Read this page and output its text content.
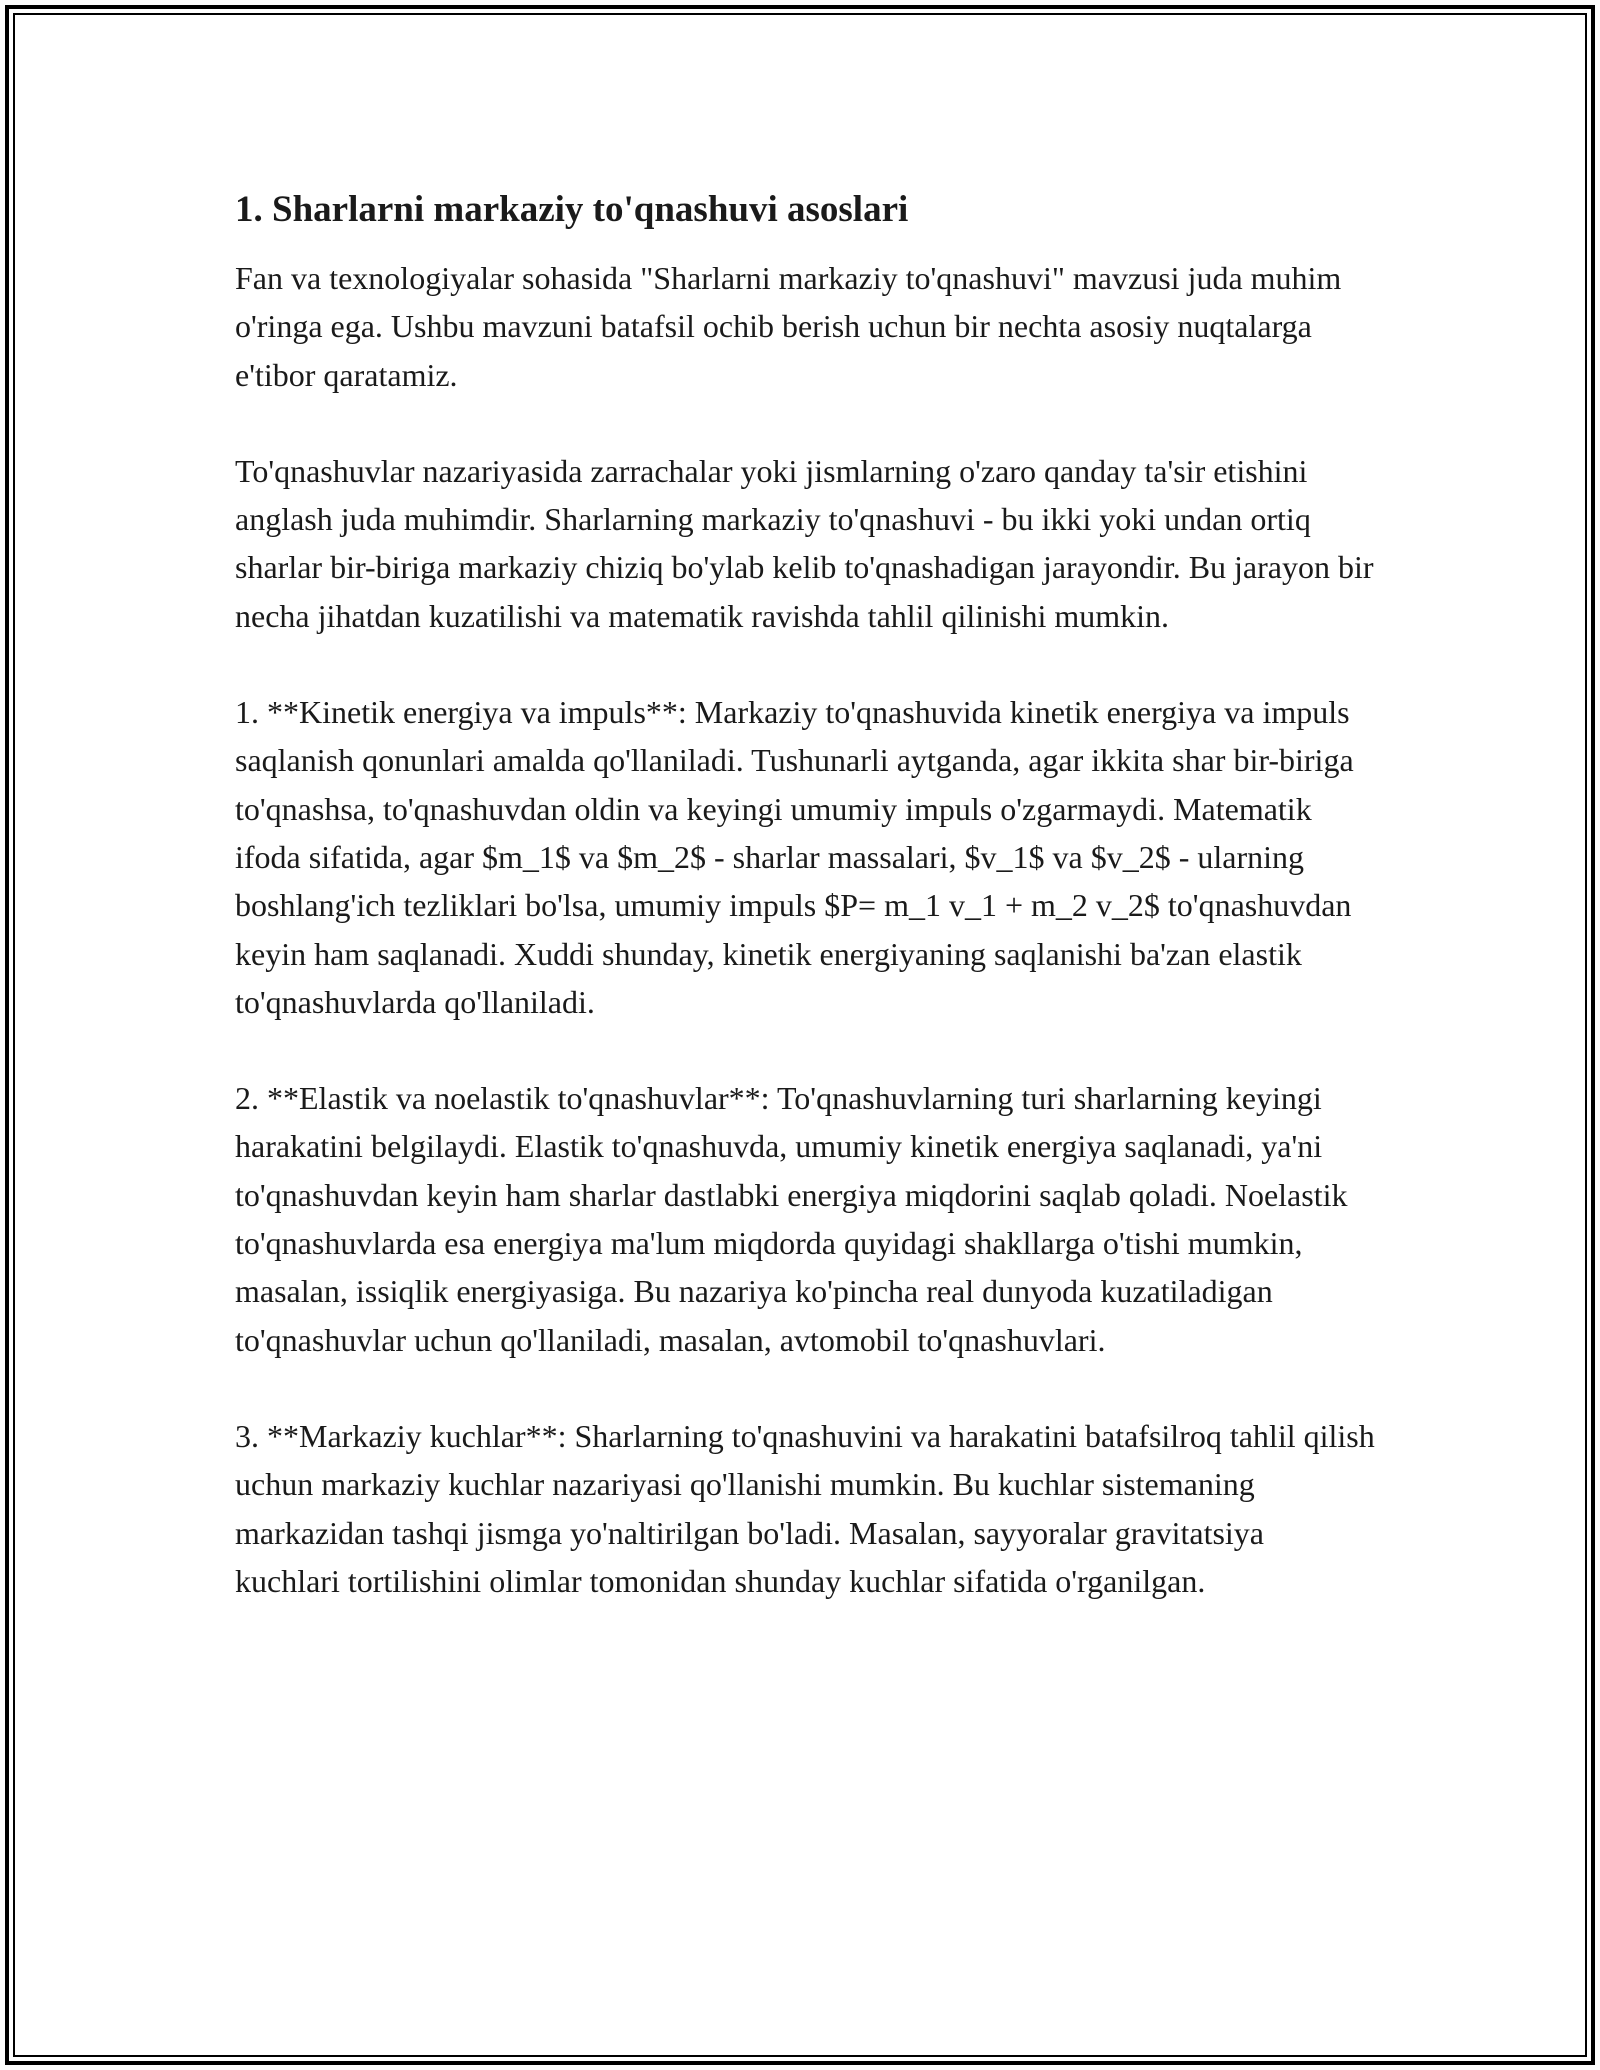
1. Sharlarni markaziy to'qnashuvi asoslari

Fan va texnologiyalar sohasida "Sharlarni markaziy to'qnashuvi" mavzusi juda muhim o'ringa ega. Ushbu mavzuni batafsil ochib berish uchun bir nechta asosiy nuqtalarga e'tibor qaratamiz.

To'qnashuvlar nazariyasida zarrachalar yoki jismlarning o'zaro qanday ta'sir etishini anglash juda muhimdir. Sharlarning markaziy to'qnashuvi - bu ikki yoki undan ortiq sharlar bir-biriga markaziy chiziq bo'ylab kelib to'qnashadigan jarayondir. Bu jarayon bir necha jihatdan kuzatilishi va matematik ravishda tahlil qilinishi mumkin.

1. **Kinetik energiya va impuls**: Markaziy to'qnashuvida kinetik energiya va impuls saqlanish qonunlari amalda qo'llaniladi. Tushunarli aytganda, agar ikkita shar bir-biriga to'qnashsa, to'qnashuvdan oldin va keyingi umumiy impuls o'zgarmaydi. Matematik ifoda sifatida, agar $m_1$ va $m_2$ - sharlar massalari, $v_1$ va $v_2$ - ularning boshlang'ich tezliklari bo'lsa, umumiy impuls $P= m_1 v_1 + m_2 v_2$ to'qnashuvdan keyin ham saqlanadi. Xuddi shunday, kinetik energiyaning saqlanishi ba'zan elastik to'qnashuvlarda qo'llaniladi.

2. **Elastik va noelastik to'qnashuvlar**: To'qnashuvlarning turi sharlarning keyingi harakatini belgilaydi. Elastik to'qnashuvda, umumiy kinetik energiya saqlanadi, ya'ni to'qnashuvdan keyin ham sharlar dastlabki energiya miqdorini saqlab qoladi. Noelastik to'qnashuvlarda esa energiya ma'lum miqdorda quyidagi shakllarga o'tishi mumkin, masalan, issiqlik energiyasiga. Bu nazariya ko'pincha real dunyoda kuzatiladigan to'qnashuvlar uchun qo'llaniladi, masalan, avtomobil to'qnashuvlari.

3. **Markaziy kuchlar**: Sharlarning to'qnashuvini va harakatini batafsilroq tahlil qilish uchun markaziy kuchlar nazariyasi qo'llanishi mumkin. Bu kuchlar sistemaning markazidan tashqi jismga yo'naltirilgan bo'ladi. Masalan, sayyoralar gravitatsiya kuchlari tortilishini olimlar tomonidan shunday kuchlar sifatida o'rganilgan.
